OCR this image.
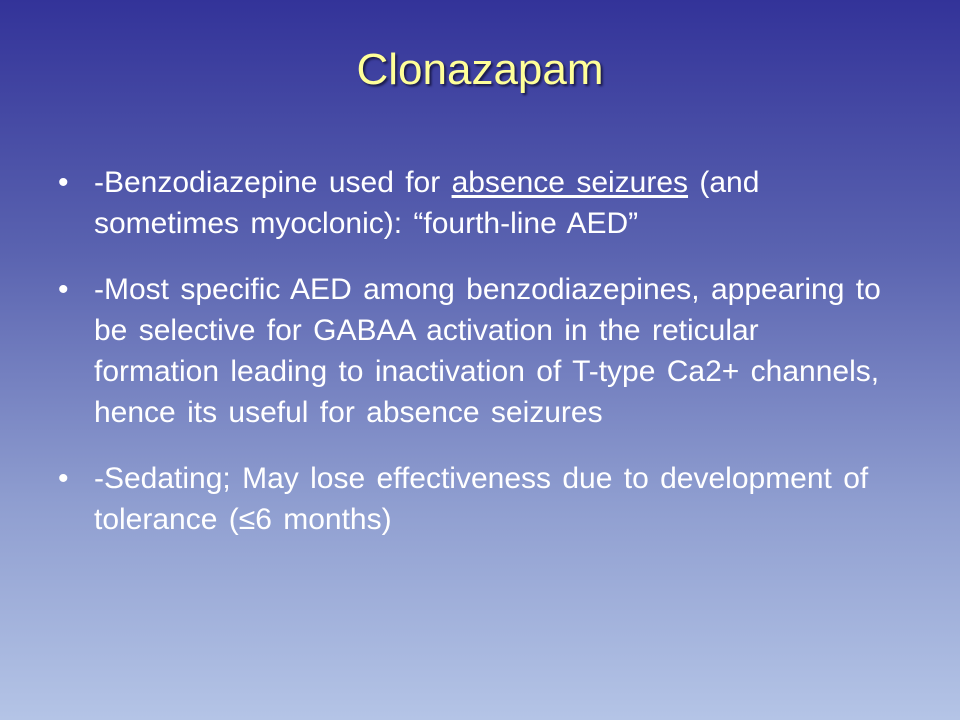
Clonazapam
• -Benzodiazepine used for absence seizures (and sometimes myoclonic): “fourth-line AED”
• -Most specific AED among benzodiazepines, appearing to be selective for GABAA activation in the reticular formation leading to inactivation of T-type Ca2+ channels, hence its useful for absence seizures
• -Sedating; May lose effectiveness due to development of tolerance (≤6 months)
